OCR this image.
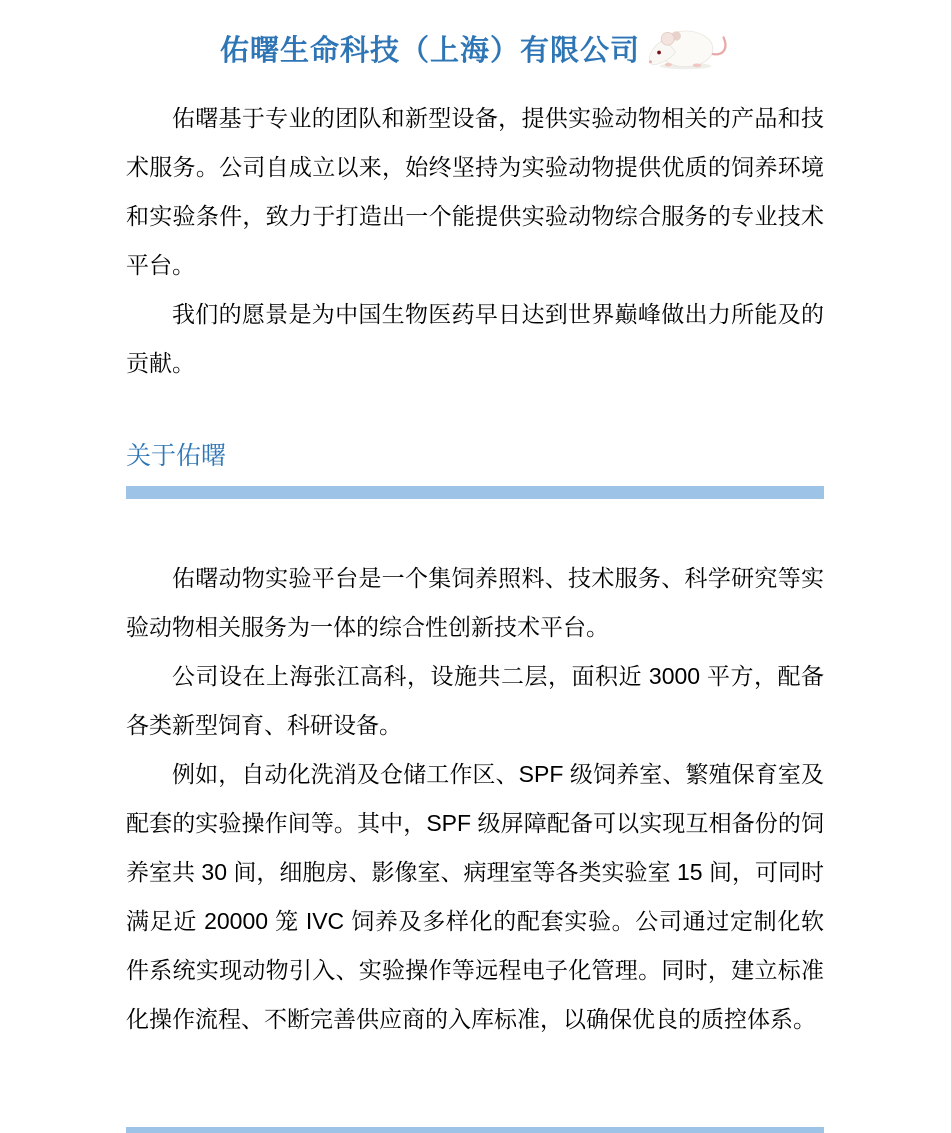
佑曙生命科技（上海）有限公司

佑曙基于专业的团队和新型设备，提供实验动物相关的产品和技术服务。公司自成立以来，始终坚持为实验动物提供优质的饲养环境和实验条件，致力于打造出一个能提供实验动物综合服务的专业技术平台。

我们的愿景是为中国生物医药早日达到世界巅峰做出力所能及的贡献。

关于佑曙

佑曙动物实验平台是一个集饲养照料、技术服务、科学研究等实验动物相关服务为一体的综合性创新技术平台。

公司设在上海张江高科，设施共二层，面积近 3000 平方，配备各类新型饲育、科研设备。

例如，自动化洗消及仓储工作区、SPF 级饲养室、繁殖保育室及配套的实验操作间等。其中，SPF 级屏障配备可以实现互相备份的饲养室共 30 间，细胞房、影像室、病理室等各类实验室 15 间，可同时满足近 20000 笼 IVC 饲养及多样化的配套实验。公司通过定制化软件系统实现动物引入、实验操作等远程电子化管理。同时，建立标准化操作流程、不断完善供应商的入库标准，以确保优良的质控体系。
